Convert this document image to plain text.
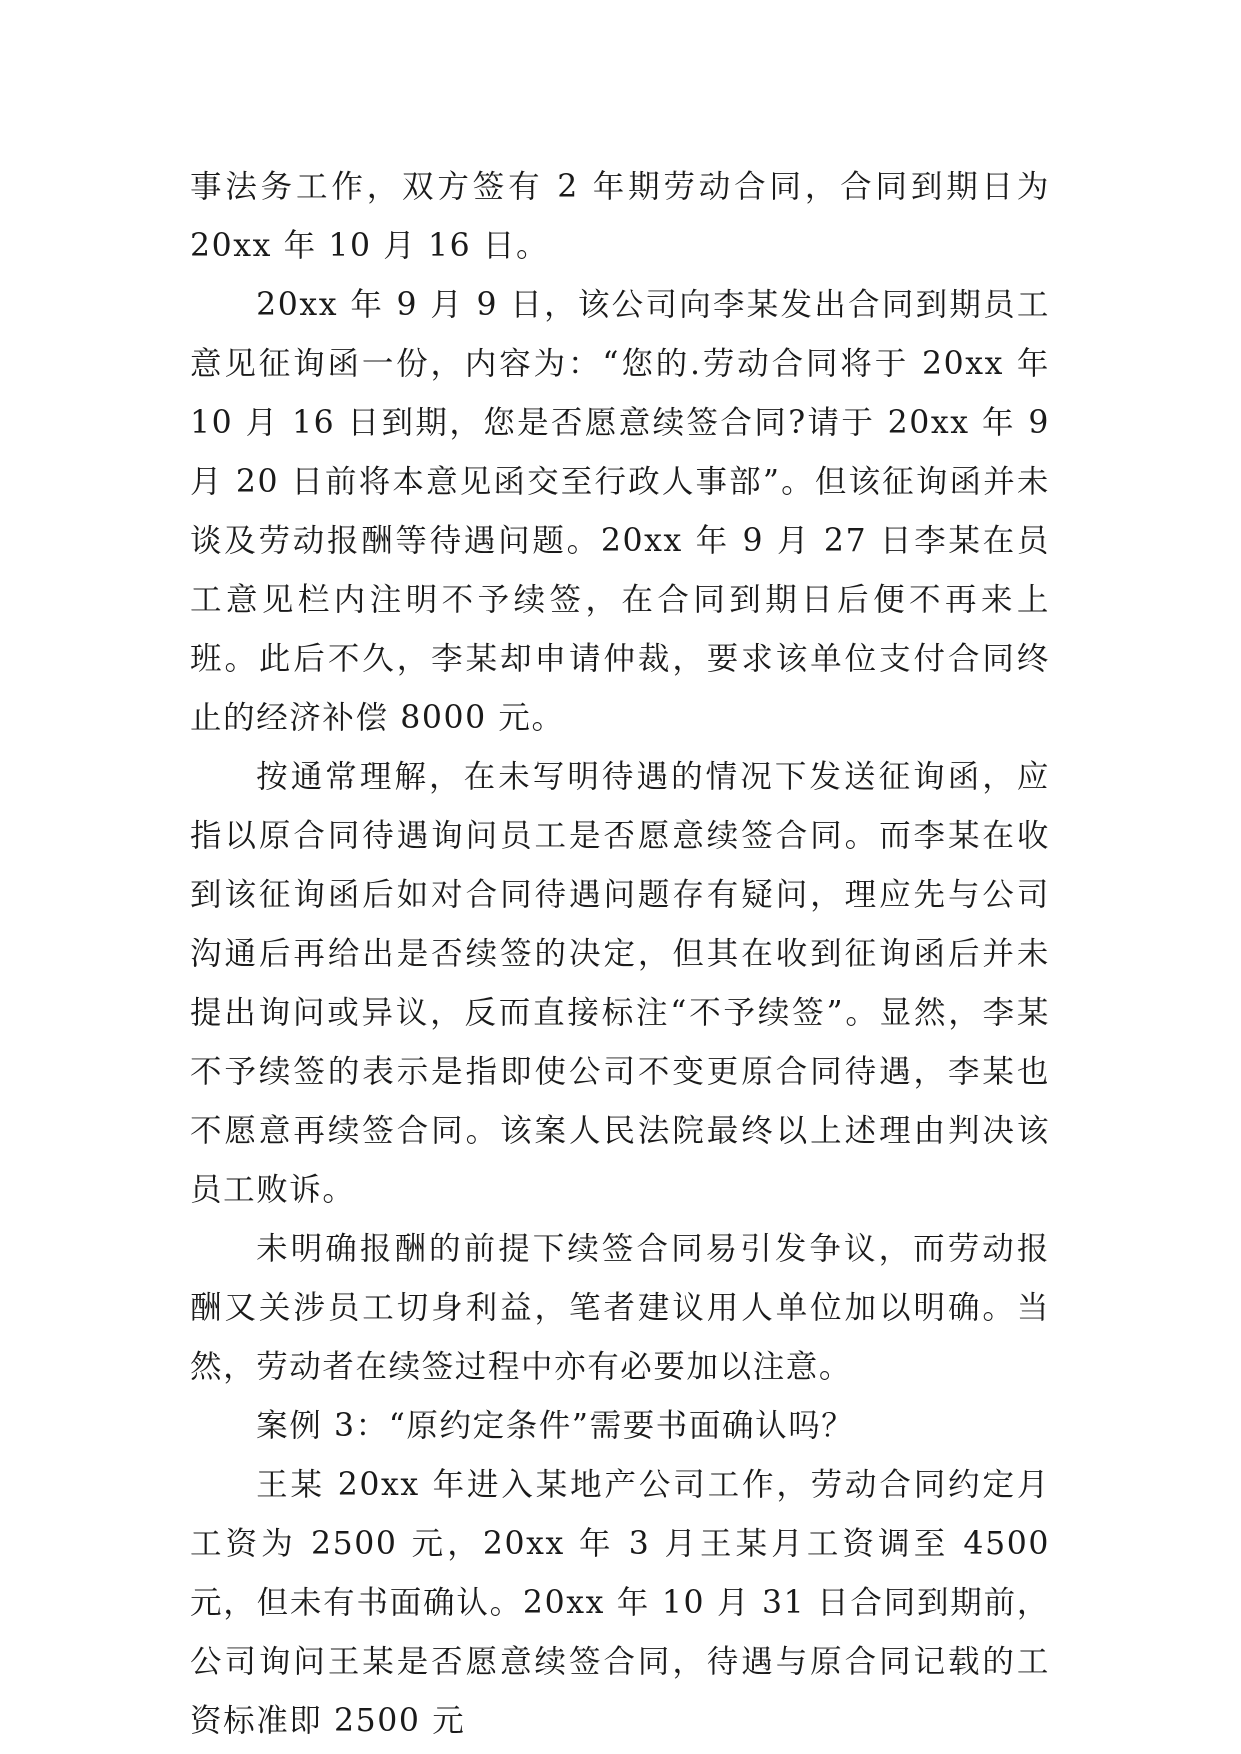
事法务工作，双方签有 2 年期劳动合同，合同到期日为 20xx 年 10 月 16 日。

20xx 年 9 月 9 日，该公司向李某发出合同到期员工意见征询函一份，内容为：“您的.劳动合同将于 20xx 年 10 月 16 日到期，您是否愿意续签合同?请于 20xx 年 9 月 20 日前将本意见函交至行政人事部”。但该征询函并未谈及劳动报酬等待遇问题。20xx 年 9 月 27 日李某在员工意见栏内注明不予续签，在合同到期日后便不再来上班。此后不久，李某却申请仲裁，要求该单位支付合同终止的经济补偿 8000 元。

按通常理解，在未写明待遇的情况下发送征询函，应指以原合同待遇询问员工是否愿意续签合同。而李某在收到该征询函后如对合同待遇问题存有疑问，理应先与公司沟通后再给出是否续签的决定，但其在收到征询函后并未提出询问或异议，反而直接标注“不予续签”。显然，李某不予续签的表示是指即使公司不变更原合同待遇，李某也不愿意再续签合同。该案人民法院最终以上述理由判决该员工败诉。

未明确报酬的前提下续签合同易引发争议，而劳动报酬又关涉员工切身利益，笔者建议用人单位加以明确。当然，劳动者在续签过程中亦有必要加以注意。

案例 3：“原约定条件”需要书面确认吗？

王某 20xx 年进入某地产公司工作，劳动合同约定月工资为 2500 元，20xx 年 3 月王某月工资调至 4500 元，但未有书面确认。20xx 年 10 月 31 日合同到期前，公司询问王某是否愿意续签合同，待遇与原合同记载的工资标准即 2500 元
